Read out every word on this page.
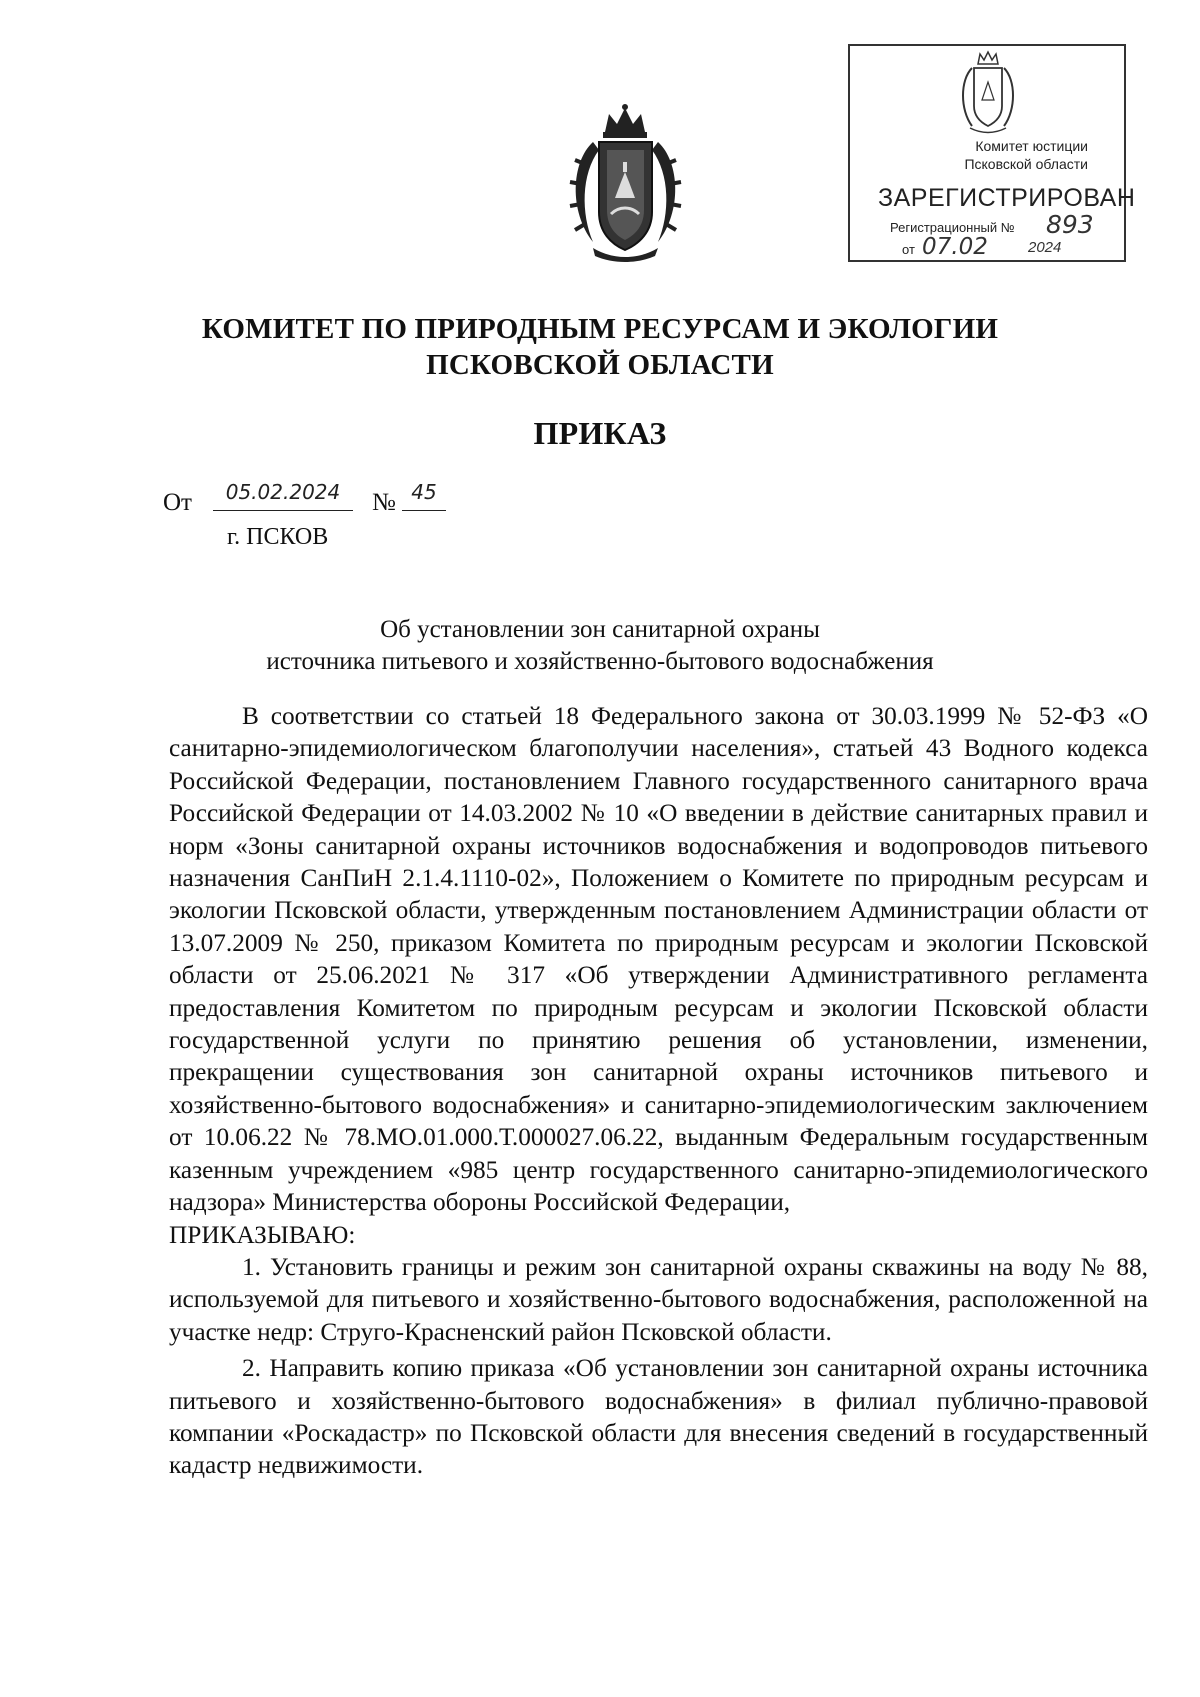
Комитет юстиции
Псковской области
ЗАРЕГИСТРИРОВАН
Регистрационный № 893
от 07.02	2024
КОМИТЕТ ПО ПРИРОДНЫМ РЕСУРСАМ И ЭКОЛОГИИ
ПСКОВСКОЙ ОБЛАСТИ
ПРИКАЗ
От	05.02.2024	№ 45
г. ПСКОВ
Об установлении зон санитарной охраны
источника питьевого и хозяйственно-бытового водоснабжения

В соответствии со статьей 18 Федерального закона от 30.03.1999 № 52-ФЗ «О санитарно-эпидемиологическом благополучии населения», статьей 43 Водного кодекса Российской Федерации, постановлением Главного государственного санитарного врача Российской Федерации от 14.03.2002 № 10 «О введении в действие санитарных правил и норм «Зоны санитарной охраны источников водоснабжения и водопроводов питьевого назначения СанПиН 2.1.4.1110-02», Положением о Комитете по природным ресурсам и экологии Псковской области, утвержденным постановлением Администрации области от 13.07.2009 № 250, приказом Комитета по природным ресурсам и экологии Псковской области от 25.06.2021 № 317 «Об утверждении Административного регламента предоставления Комитетом по природным ресурсам и экологии Псковской области государственной услуги по принятию решения об установлении, изменении, прекращении существования зон санитарной охраны источников питьевого и хозяйственно-бытового водоснабжения» и санитарно-эпидемиологическим заключением от 10.06.22 № 78.МО.01.000.Т.000027.06.22, выданным Федеральным государственным казенным учреждением «985 центр государственного санитарно-эпидемиологического надзора» Министерства обороны Российской Федерации,

ПРИКАЗЫВАЮ:

1. Установить границы и режим зон санитарной охраны скважины на воду № 88, используемой для питьевого и хозяйственно-бытового водоснабжения, расположенной на участке недр: Струго-Красненский район Псковской области.

2. Направить копию приказа «Об установлении зон санитарной охраны источника питьевого и хозяйственно-бытового водоснабжения» в филиал публично-правовой компании «Роскадастр» по Псковской области для внесения сведений в государственный кадастр недвижимости.
